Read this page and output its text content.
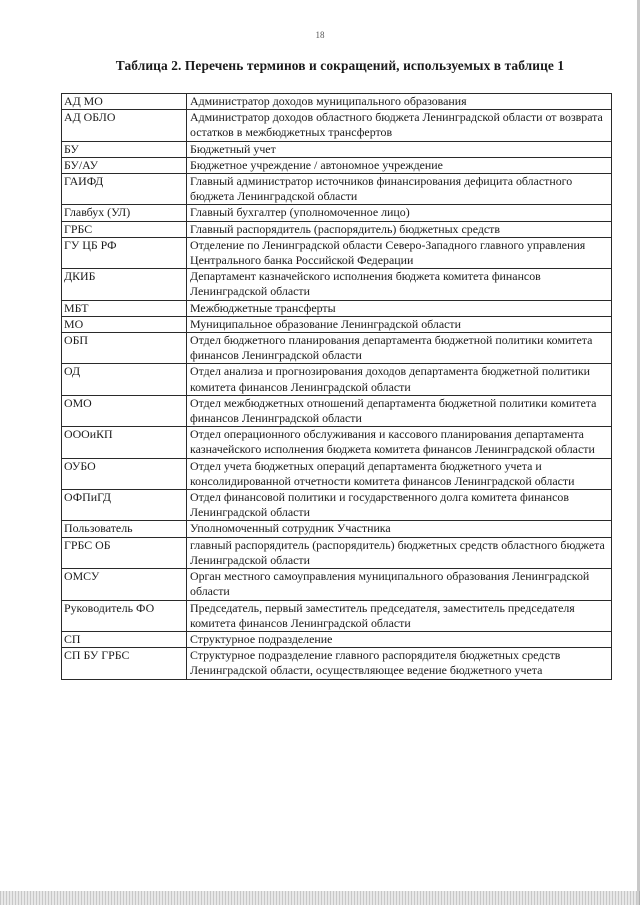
18
Таблица 2. Перечень терминов и сокращений, используемых в таблице 1
АД МО	Администратор доходов муниципального образования
АД ОБЛО	Администратор доходов областного бюджета Ленинградской области от возврата остатков в межбюджетных трансфертов
БУ	Бюджетный учет
БУ/АУ	Бюджетное учреждение / автономное учреждение
ГАИФД	Главный администратор источников финансирования дефицита областного бюджета Ленинградской области
Главбух (УЛ)	Главный бухгалтер (уполномоченное лицо)
ГРБС	Главный распорядитель (распорядитель) бюджетных средств
ГУ ЦБ РФ	Отделение по Ленинградской области Северо-Западного главного управления Центрального банка Российской Федерации
ДКИБ	Департамент казначейского исполнения бюджета комитета финансов Ленинградской области
МБТ	Межбюджетные трансферты
МО	Муниципальное образование Ленинградской области
ОБП	Отдел бюджетного планирования департамента бюджетной политики комитета финансов Ленинградской области
ОД	Отдел анализа и прогнозирования доходов департамента бюджетной политики комитета финансов Ленинградской области
ОМО	Отдел межбюджетных отношений департамента бюджетной политики комитета финансов Ленинградской области
ОООиКП	Отдел операционного обслуживания и кассового планирования департамента казначейского исполнения бюджета комитета финансов Ленинградской области
ОУБО	Отдел учета бюджетных операций департамента бюджетного учета и консолидированной отчетности комитета финансов Ленинградской области
ОФПиГД	Отдел финансовой политики и государственного долга комитета финансов Ленинградской области
Пользователь	Уполномоченный сотрудник Участника
ГРБС ОБ	главный распорядитель (распорядитель) бюджетных средств областного бюджета Ленинградской области
ОМСУ	Орган местного самоуправления муниципального образования Ленинградской области
Руководитель ФО	Председатель, первый заместитель председателя, заместитель председателя комитета финансов Ленинградской области
СП	Структурное подразделение
СП БУ ГРБС	Структурное подразделение главного распорядителя бюджетных средств Ленинградской области, осуществляющее ведение бюджетного учета
